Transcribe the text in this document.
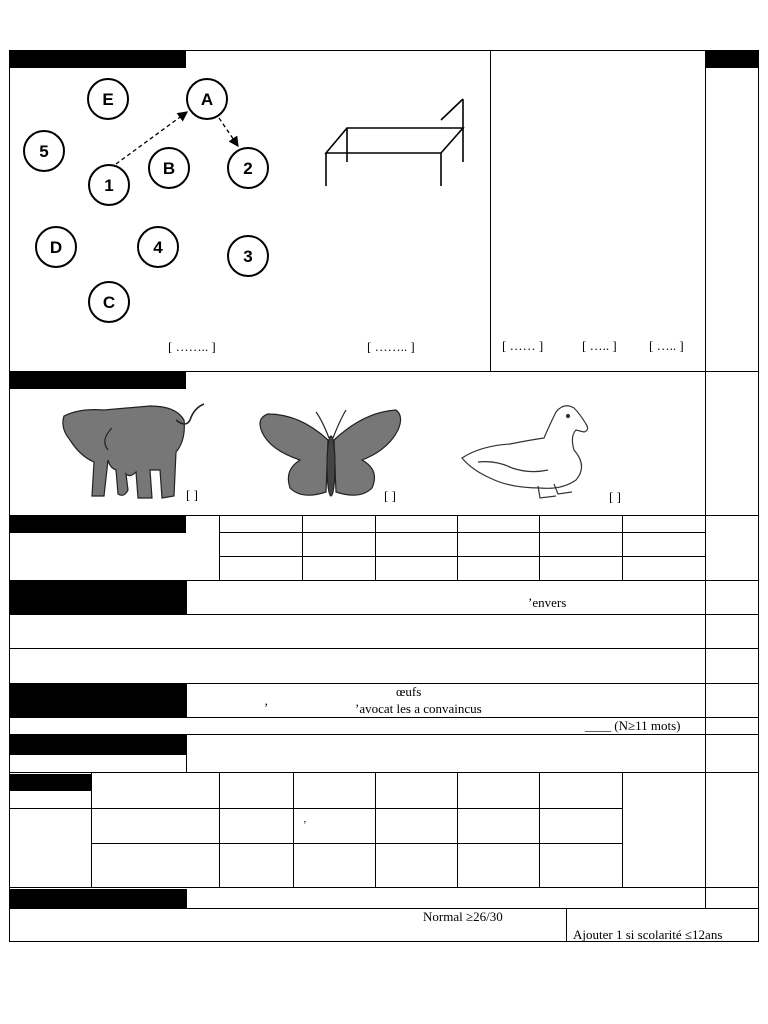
E	A
5
B	2
1
D	4	3
C
[ …….. ]	[ …….. ]	[ …… ]	[ ….. ] [ ….. ]
[ ]	[ ]	[ ]
’envers
œufs
’	’avocat les a convaincus
____ (N≥11 mots)
’
Normal ≥26/30
Ajouter 1 si scolarité ≤12ans
